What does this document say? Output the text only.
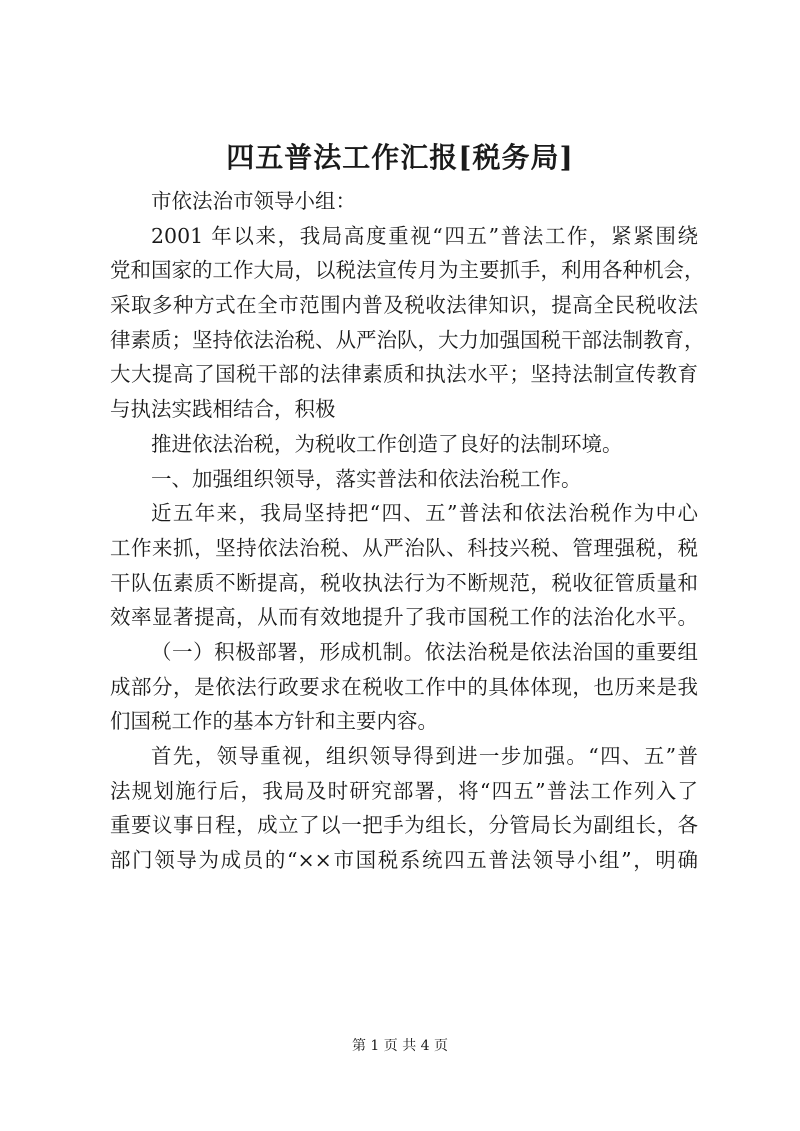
四五普法工作汇报[税务局]
市依法治市领导小组：
2001 年以来，我局高度重视“四五”普法工作，紧紧围绕
党和国家的工作大局，以税法宣传月为主要抓手，利用各种机会，
采取多种方式在全市范围内普及税收法律知识，提高全民税收法
律素质；坚持依法治税、从严治队，大力加强国税干部法制教育，
大大提高了国税干部的法律素质和执法水平；坚持法制宣传教育
与执法实践相结合，积极
推进依法治税，为税收工作创造了良好的法制环境。
一、加强组织领导，落实普法和依法治税工作。
近五年来，我局坚持把“四、五”普法和依法治税作为中心
工作来抓，坚持依法治税、从严治队、科技兴税、管理强税，税
干队伍素质不断提高，税收执法行为不断规范，税收征管质量和
效率显著提高，从而有效地提升了我市国税工作的法治化水平。
（一）积极部署，形成机制。依法治税是依法治国的重要组
成部分，是依法行政要求在税收工作中的具体体现，也历来是我
们国税工作的基本方针和主要内容。
首先，领导重视，组织领导得到进一步加强。“四、五”普
法规划施行后，我局及时研究部署，将“四五”普法工作列入了
重要议事日程，成立了以一把手为组长，分管局长为副组长，各
部门领导为成员的“××市国税系统四五普法领导小组”，明确
第 1 页 共 4 页
